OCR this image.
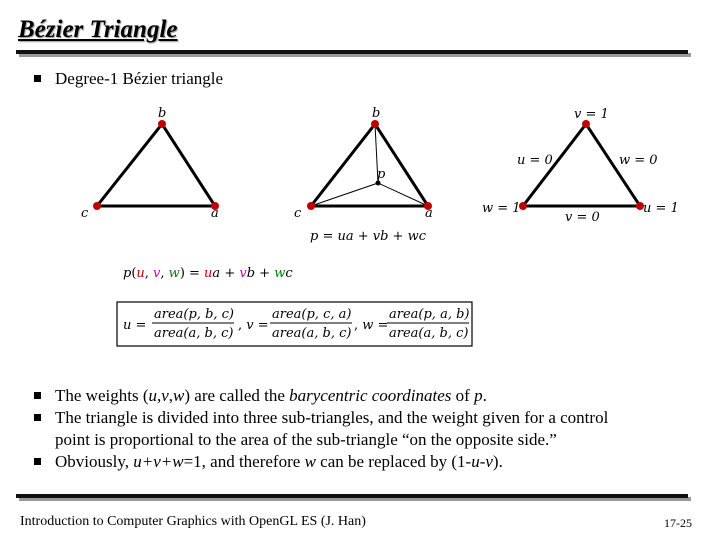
Bézier Triangle
Degree-1 Bézier triangle
b
c	a
b
p
c	a
p = ua + vb + wc
v = 1
u = 0	w = 0
w = 1
v = 0
u = 1
p(u, v, w) = ua + vb + wc
u =
area(p, b, c)
area(a, b, c)
, v =
area(p, c, a)
area(a, b, c)
, w =
area(p, a, b)
area(a, b, c)
The weights (u,v,w) are called the barycentric coordinates of p.
The triangle is divided into three sub-triangles, and the weight given for a control
point is proportional to the area of the sub-triangle “on the opposite side.”
Obviously, u+v+w=1, and therefore w can be replaced by (1-u-v).
Introduction to Computer Graphics with OpenGL ES (J. Han)	17-25
